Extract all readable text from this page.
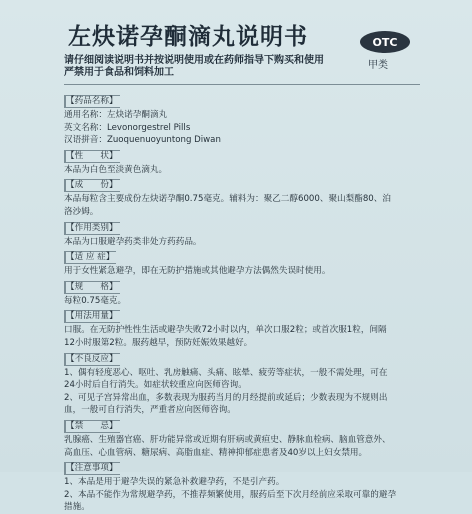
左炔诺孕酮滴丸说明书	OTC
甲类
请仔细阅读说明书并按说明使用或在药师指导下购买和使用
严禁用于食品和饲料加工
【药品名称】
通用名称：左炔诺孕酮滴丸
英文名称：Levonorgestrel Pills
汉语拼音：Zuoquenuoyuntong Diwan
【性　　状】
本品为白色至淡黄色滴丸。
【成　　份】
本品每粒含主要成份左炔诺孕酮0.75毫克。辅料为：聚乙二醇6000、聚山梨酯80、泊
洛沙姆。
【作用类别】
本品为口服避孕药类非处方药药品。
【适 应 症】
用于女性紧急避孕，即在无防护措施或其他避孕方法偶然失误时使用。
【规　　格】
每粒0.75毫克。
【用法用量】
口服。在无防护性性生活或避孕失败72小时以内，单次口服2粒；或首次服1粒，间隔
12小时服第2粒。服药越早，预防妊娠效果越好。
【不良反应】
1、偶有轻度恶心、呕吐、乳房触痛、头痛、眩晕、疲劳等症状，一般不需处理，可在
24小时后自行消失。如症状较重应向医师咨询。
2、可见子宫异常出血，多数表现为服药当月的月经提前或延后；少数表现为不规则出
血，一般可自行消失，严重者应向医师咨询。
【禁　　忌】
乳腺癌、生殖器官癌、肝功能异常或近期有肝病或黄疸史、静脉血栓病、脑血管意外、
高血压、心血管病、糖尿病、高脂血症、精神抑郁症患者及40岁以上妇女禁用。
【注意事项】
1、本品是用于避孕失误的紧急补救避孕药，不是引产药。
2、本品不能作为常规避孕药，不推荐频繁使用，服药后至下次月经前应采取可靠的避孕
措施。
